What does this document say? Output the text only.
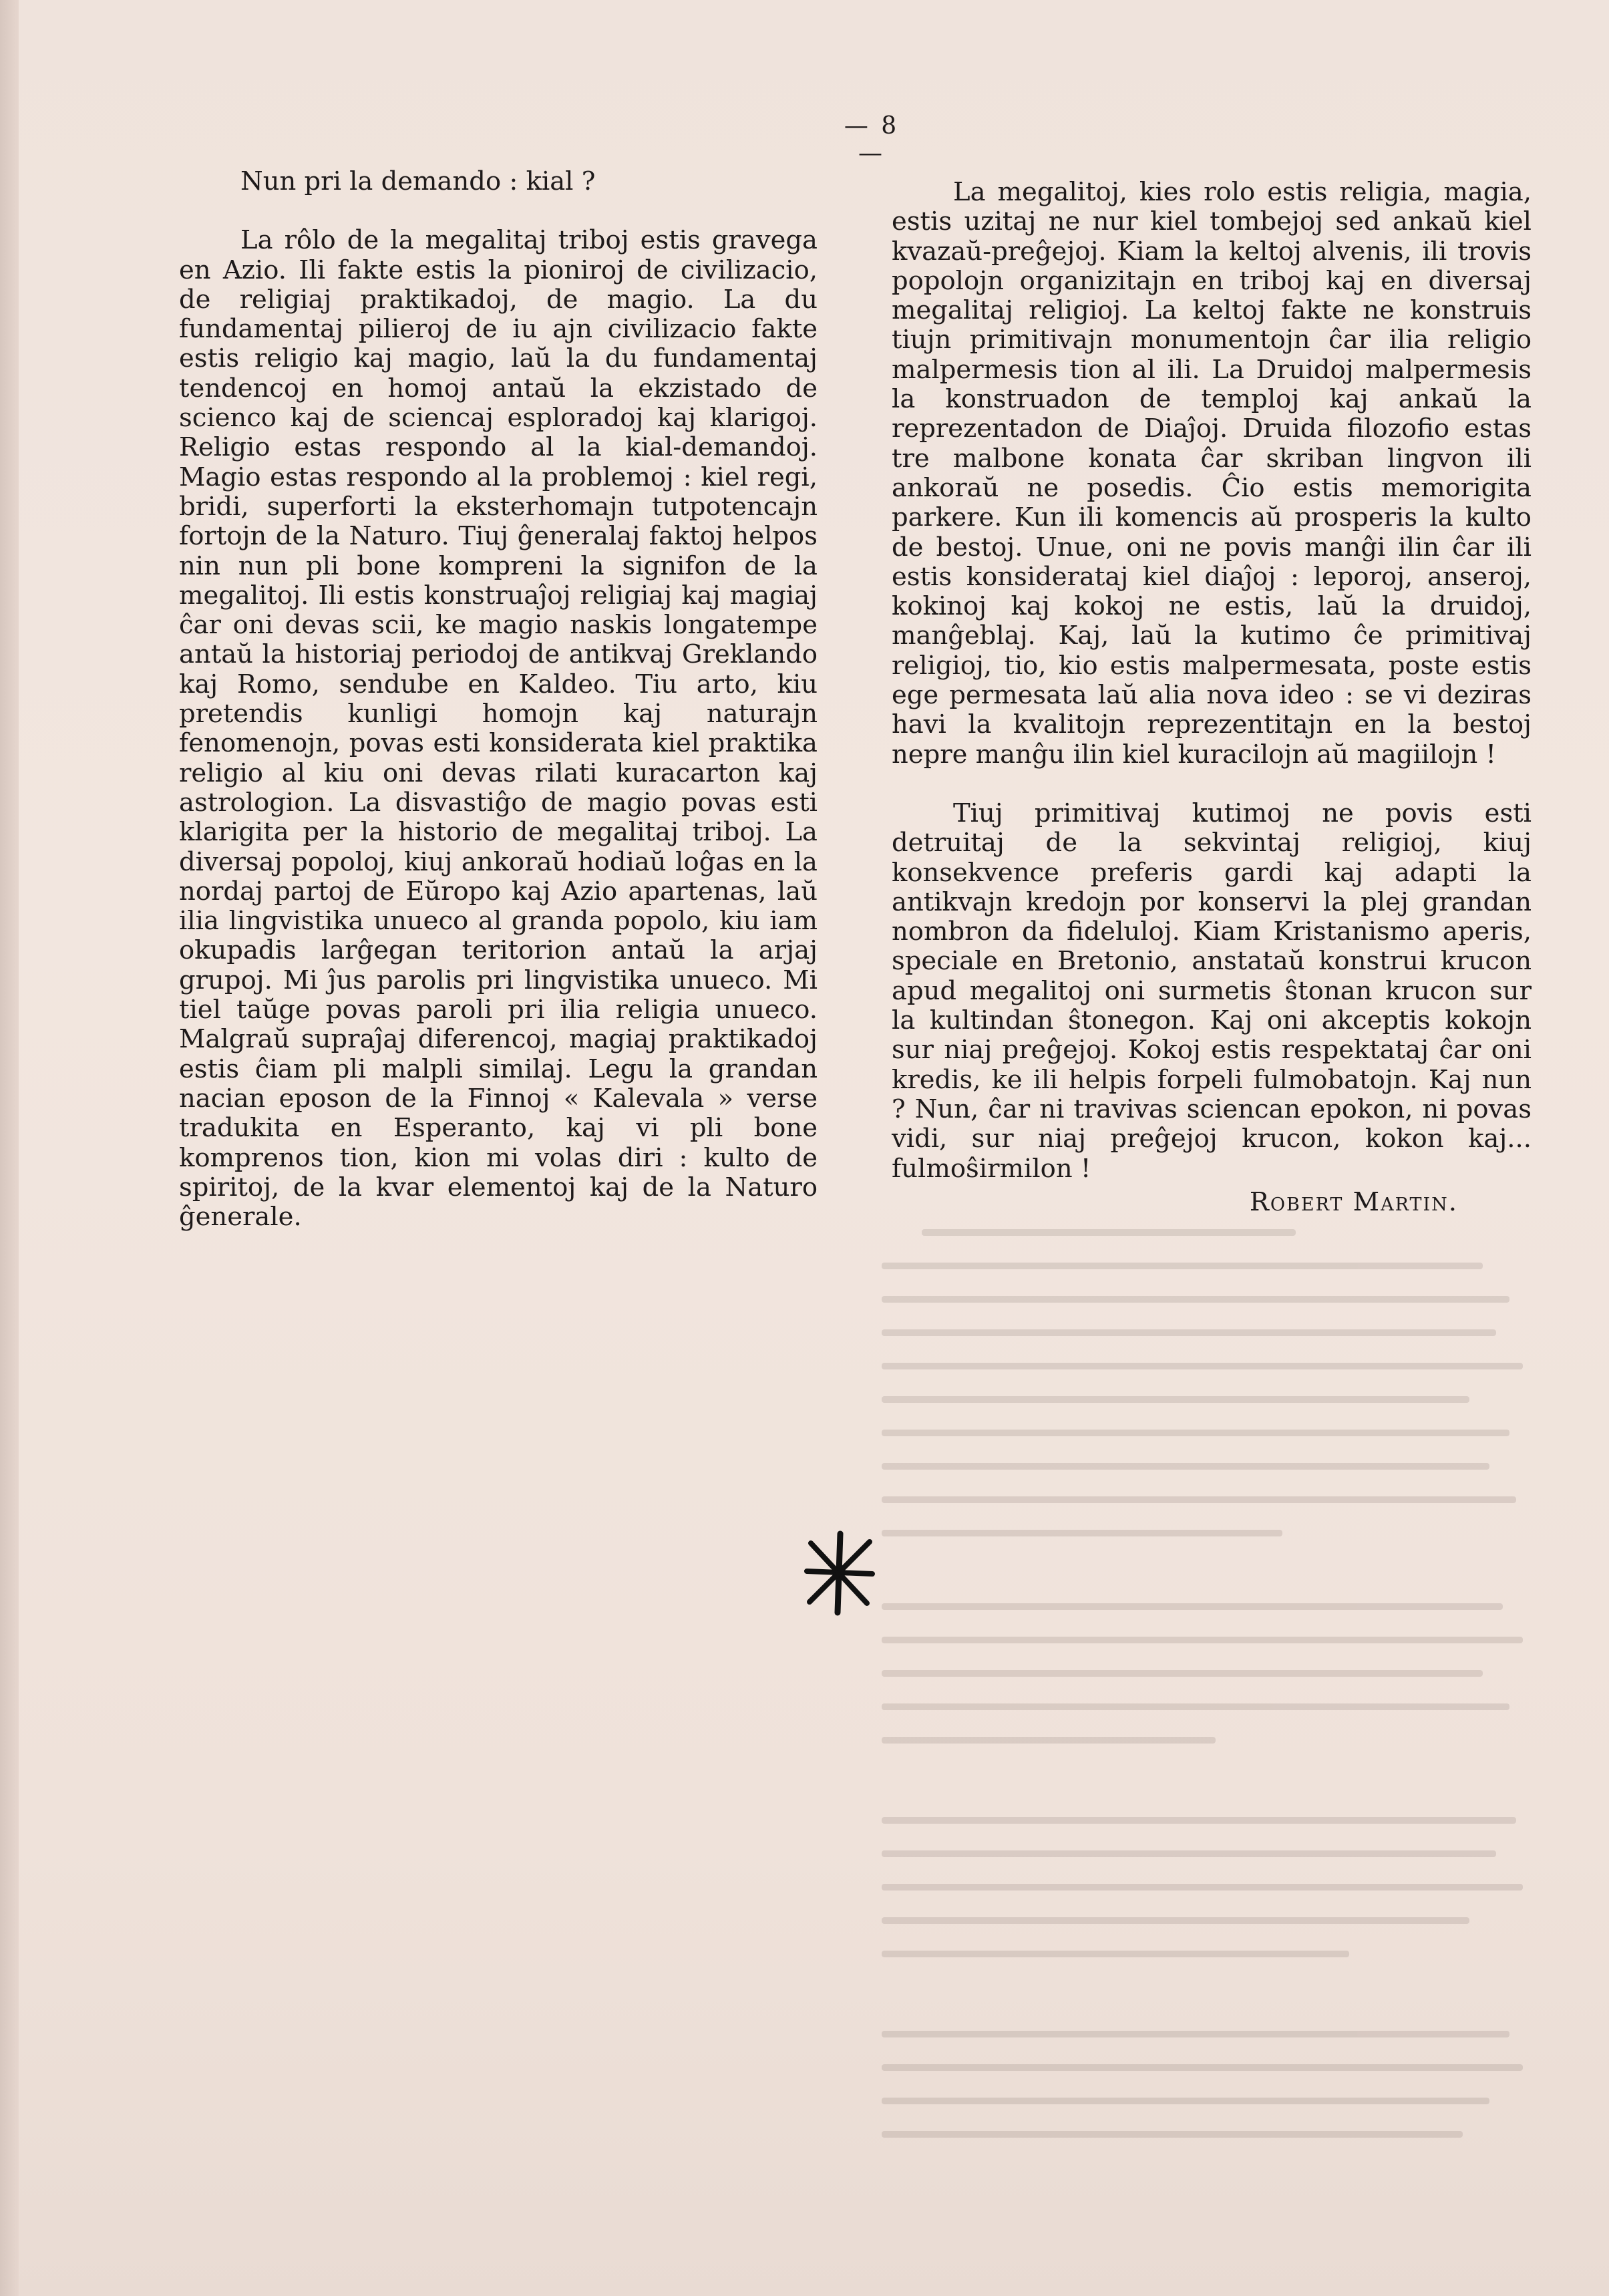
— 8 —

Nun pri la demando : kial ?

La rôlo de la megalitaj triboj estis gravega en Azio. Ili fakte estis la pioniroj de civilizacio, de religiaj praktikadoj, de magio. La du fundamentaj pilieroj de iu ajn civilizacio fakte estis religio kaj magio, laŭ la du fundamentaj tendencoj en homoj antaŭ la ekzistado de scienco kaj de sciencaj esploradoj kaj klarigoj. Religio estas respondo al la kial-demandoj. Magio estas respondo al la problemoj : kiel regi, bridi, superforti la eksterhomajn tutpotencajn fortojn de la Naturo. Tiuj ĝeneralaj faktoj helpos nin nun pli bone kompreni la signifon de la megalitoj. Ili estis konstruaĵoj religiaj kaj magiaj ĉar oni devas scii, ke magio naskis longatempe antaŭ la historiaj periodoj de antikvaj Greklando kaj Romo, sendube en Kaldeo. Tiu arto, kiu pretendis kunligi homojn kaj naturajn fenomenojn, povas esti konsiderata kiel praktika religio al kiu oni devas rilati kuracarton kaj astrologion. La disvastiĝo de magio povas esti klarigita per la historio de megalitaj triboj. La diversaj popoloj, kiuj ankoraŭ hodiaŭ loĝas en la nordaj partoj de Eŭropo kaj Azio apartenas, laŭ ilia lingvistika unueco al granda popolo, kiu iam okupadis larĝegan teritorion antaŭ la arjaj grupoj. Mi ĵus parolis pri lingvistika unueco. Mi tiel taŭge povas paroli pri ilia religia unueco. Malgraŭ supraĵaj diferencoj, magiaj praktikadoj estis ĉiam pli malpli similaj. Legu la grandan nacian eposon de la Finnoj « Kalevala » verse tradukita en Esperanto, kaj vi pli bone komprenos tion, kion mi volas diri : kulto de spiritoj, de la kvar elementoj kaj de la Naturo ĝenerale.

La megalitoj, kies rolo estis religia, magia, estis uzitaj ne nur kiel tombejoj sed ankaŭ kiel kvazaŭ-preĝejoj. Kiam la keltoj alvenis, ili trovis popolojn organizitajn en triboj kaj en diversaj megalitaj religioj. La keltoj fakte ne konstruis tiujn primitivajn monumentojn ĉar ilia religio malpermesis tion al ili. La Druidoj malpermesis la konstruadon de temploj kaj ankaŭ la reprezentadon de Diaĵoj. Druida filozofio estas tre malbone konata ĉar skriban lingvon ili ankoraŭ ne posedis. Ĉio estis memorigita parkere. Kun ili komencis aŭ prosperis la kulto de bestoj. Unue, oni ne povis manĝi ilin ĉar ili estis konsiderataj kiel diaĵoj : leporoj, anseroj, kokinoj kaj kokoj ne estis, laŭ la druidoj, manĝeblaj. Kaj, laŭ la kutimo ĉe primitivaj religioj, tio, kio estis malpermesata, poste estis ege permesata laŭ alia nova ideo : se vi deziras havi la kvalitojn reprezentitajn en la bestoj nepre manĝu ilin kiel kuracilojn aŭ magiilojn !

Tiuj primitivaj kutimoj ne povis esti detruitaj de la sekvintaj religioj, kiuj konsekvence preferis gardi kaj adapti la antikvajn kredojn por konservi la plej grandan nombron da fideluloj. Kiam Kristanismo aperis, speciale en Bretonio, anstataŭ konstrui krucon apud megalitoj oni surmetis ŝtonan krucon sur la kultindan ŝtonegon. Kaj oni akceptis kokojn sur niaj preĝejoj. Kokoj estis respektataj ĉar oni kredis, ke ili helpis forpeli fulmobatojn. Kaj nun ? Nun, ĉar ni travivas sciencan epokon, ni povas vidi, sur niaj preĝejoj krucon, kokon kaj... fulmoŝirmilon !

Robert Martin.
